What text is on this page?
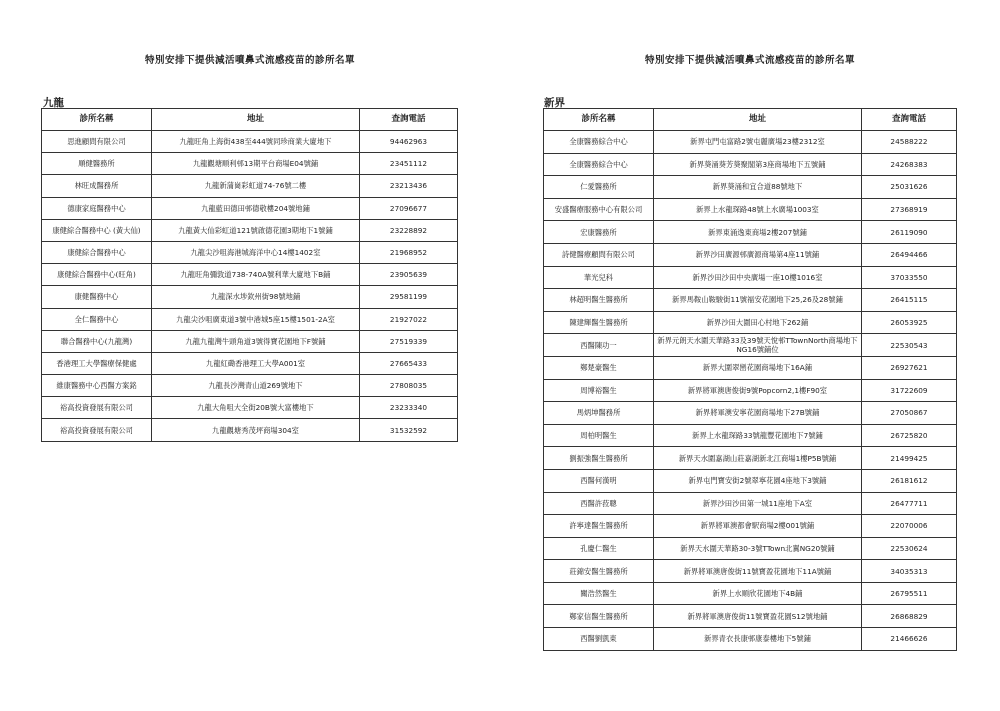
特別安排下提供減活噴鼻式流感疫苗的診所名單
九龍
診所名稱	地址	查詢電話
思進顧問有限公司	九龍旺角上海街438至444號同珍商業大廈地下	94462963
順健醫務所	九龍觀塘順利邨13期平台商場E04號鋪	23451112
林旺成醫務所	九龍新蒲崗彩虹道74-76號二樓	23213436
德康家庭醫務中心	九龍藍田德田邨德敬樓204號地鋪	27096677
康健綜合醫務中心 (黃大仙)	九龍黃大仙彩虹道121號啟德花園3期地下1號鋪	23228892
康健綜合醫務中心	九龍尖沙咀海港城海洋中心14樓1402室	21968952
康健綜合醫務中心(旺角)	九龍旺角彌敦道738-740A號利華大廈地下B鋪	23905639
康健醫務中心	九龍深水埗欽州街98號地鋪	29581199
全仁醫務中心	九龍尖沙咀廣東道3號中港城5座15樓1501-2A室	21927022
聯合醫務中心(九龍灣)	九龍九龍灣牛頭角道3號得寶花園地下F號鋪	27519339
香港理工大學醫療保健處	九龍紅磡香港理工大學A001室	27665433
維康醫務中心西醫方案銘	九龍長沙灣青山道269號地下	27808035
裕高投資發展有限公司	九龍大角咀大全街20B號大富樓地下	23233340
裕高投資發展有限公司	九龍觀塘秀茂坪商場304室	31532592
特別安排下提供減活噴鼻式流感疫苗的診所名單
新界
診所名稱	地址	查詢電話
全康醫務綜合中心	新界屯門屯富路2號屯麗廣場23樓2312室	24588222
全康醫務綜合中心	新界葵涌葵芳葵聚閣第3座商場地下五號鋪	24268383
仁愛醫務所	新界葵涌和宜合道88號地下	25031626
安盛醫療服務中心有限公司	新界上水龍琛路48號上水廣場1003室	27368919
宏康醫務所	新界東涌逸東商場2樓207號鋪	26119090
詩健醫療顧問有限公司	新界沙田廣源邨廣源商場第4座11號鋪	26494466
華光兒科	新界沙田沙田中央廣場一座10樓1016室	37033550
林超明醫生醫務所	新界馬鞍山鞍駿街11號福安花園地下25,26及28號鋪	26415115
陳建輝醫生醫務所	新界沙田大圍田心村地下262鋪	26053925
西醫陳功一	新界元朗天水圍天華路33及39號天悅邨TTownNorth商場地下NG16號鋪位	22530543
鄭楚豪醫生	新界大圍翠巒花園商場地下16A鋪	26927621
周博裕醫生	新界將軍澳唐俊街9號Popcorn2,1樓F90室	31722609
馬炳坤醫務所	新界將軍澳安寧花園商場地下27B號鋪	27050867
周柏明醫生	新界上水龍琛路33號龍豐花園地下7號鋪	26725820
劉振強醫生醫務所	新界天水圍嘉湖山莊嘉湖新北江商場1樓P5B號鋪	21499425
西醫何漢明	新界屯門寶安街2號翠寧花園4座地下3號鋪	26181612
西醫許菈聰	新界沙田沙田第一城11座地下A室	26477711
許寧達醫生醫務所	新界將軍澳都會駅商場2樓001號鋪	22070006
孔慶仁醫生	新界天水圍天華路30-3號TTown北翼NG20號鋪	22530624
莊錦安醫生醫務所	新界將軍澳唐俊街11號寶盈花園地下11A號鋪	34035313
關浩然醫生	新界上水順欣花園地下4B鋪	26795511
鄭家信醫生醫務所	新界將軍澳唐俊街11號寶盈花園S12號地鋪	26868829
西醫劉凱東	新界青衣長康邨康泰樓地下5號鋪	21466626
